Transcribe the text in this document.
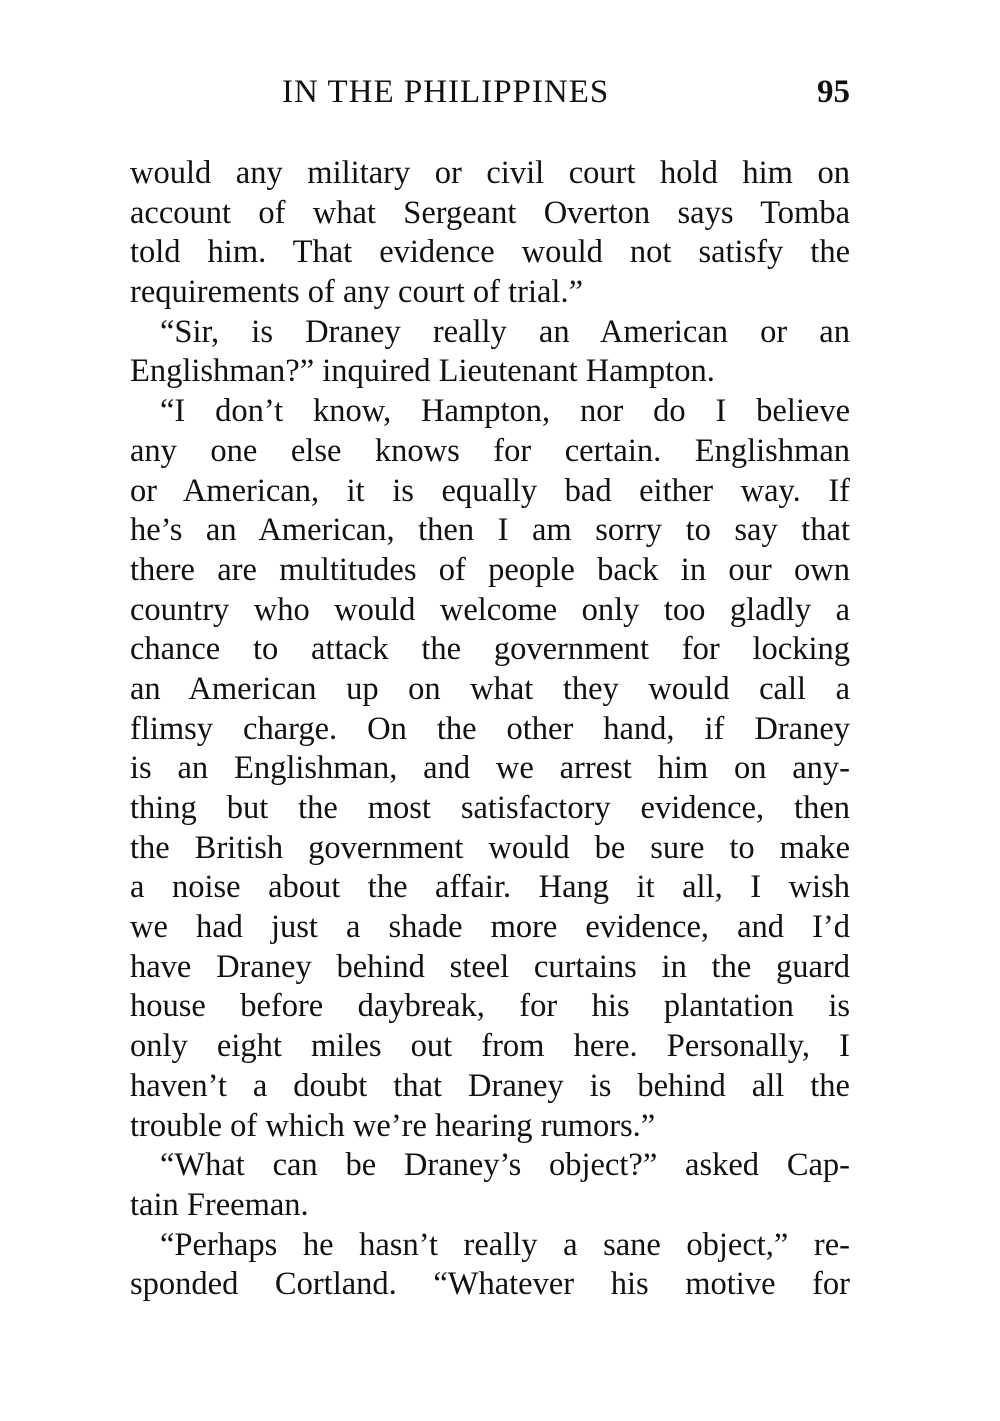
IN THE PHILIPPINES	95
would any military or civil court hold him on
account of what Sergeant Overton says Tomba
told him. That evidence would not satisfy the
requirements of any court of trial.”
“Sir, is Draney really an American or an
Englishman?” inquired Lieutenant Hampton.
“I don’t know, Hampton, nor do I believe
any one else knows for certain. Englishman
or American, it is equally bad either way. If
he’s an American, then I am sorry to say that
there are multitudes of people back in our own
country who would welcome only too gladly a
chance to attack the government for locking
an American up on what they would call a
flimsy charge. On the other hand, if Draney
is an Englishman, and we arrest him on any-
thing but the most satisfactory evidence, then
the British government would be sure to make
a noise about the affair. Hang it all, I wish
we had just a shade more evidence, and I’d
have Draney behind steel curtains in the guard
house before daybreak, for his plantation is
only eight miles out from here. Personally, I
haven’t a doubt that Draney is behind all the
trouble of which we’re hearing rumors.”
“What can be Draney’s object?” asked Cap-
tain Freeman.
“Perhaps he hasn’t really a sane object,” re-
sponded Cortland. “Whatever his motive for
